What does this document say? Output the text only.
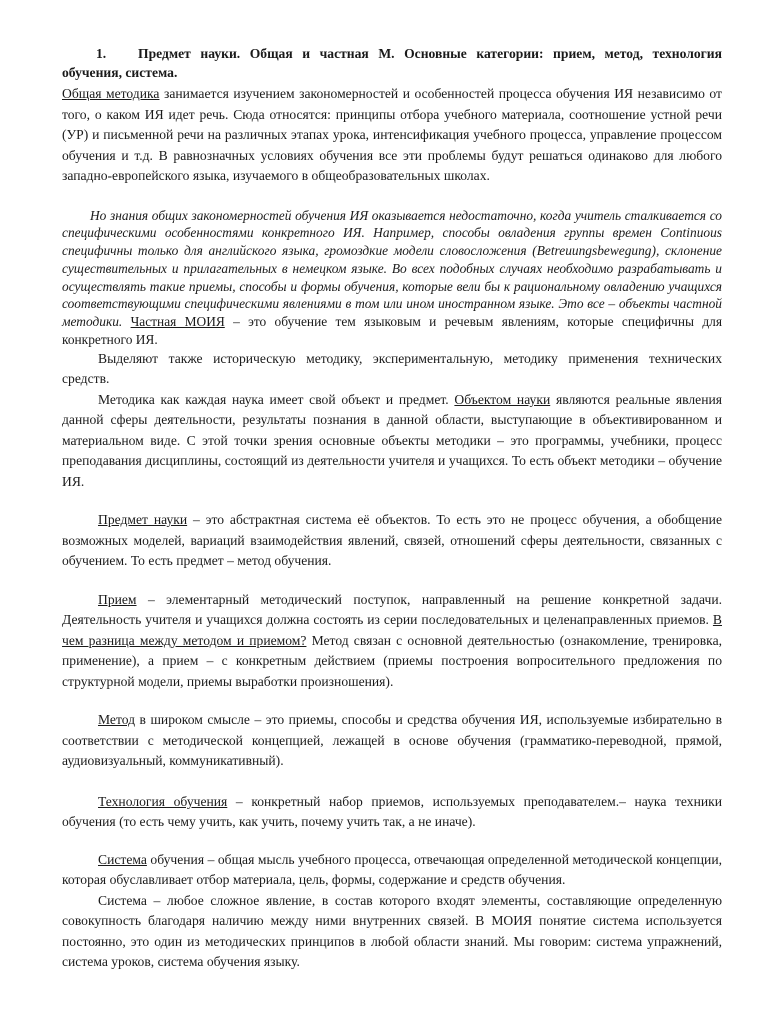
1. Предмет науки. Общая и частная М. Основные категории: прием, метод, технология обучения, система.

Общая методика занимается изучением закономерностей и особенностей процесса обучения ИЯ независимо от того, о каком ИЯ идет речь. Сюда относятся: принципы отбора учебного материала, соотношение устной речи (УР) и письменной речи на различных этапах урока, интенсификация учебного процесса, управление процессом обучения и т.д. В равнозначных условиях обучения все эти проблемы будут решаться одинаково для любого западно-европейского языка, изучаемого в общеобразовательных школах.

Но знания общих закономерностей обучения ИЯ оказывается недостаточно, когда учитель сталкивается со специфическими особенностями конкретного ИЯ. Например, способы овладения группы времен Continuous специфичны только для английского языка, громоздкие модели словосложения (Betreuungsbewegung), склонение существительных и прилагательных в немецком языке. Во всех подобных случаях необходимо разрабатывать и осуществлять такие приемы, способы и формы обучения, которые вели бы к рациональному овладению учащихся соответствующими специфическими явлениями в том или ином иностранном языке. Это все – объекты частной методики. Частная МОИЯ – это обучение тем языковым и речевым явлениям, которые специфичны для конкретного ИЯ.

Выделяют также историческую методику, экспериментальную, методику применения технических средств.

Методика как каждая наука имеет свой объект и предмет. Объектом науки являются реальные явления данной сферы деятельности, результаты познания в данной области, выступающие в объективированном и материальном виде. С этой точки зрения основные объекты методики – это программы, учебники, процесс преподавания дисциплины, состоящий из деятельности учителя и учащихся. То есть объект методики – обучение ИЯ.

Предмет науки – это абстрактная система её объектов. То есть это не процесс обучения, а обобщение возможных моделей, вариаций взаимодействия явлений, связей, отношений сферы деятельности, связанных с обучением. То есть предмет – метод обучения.

Прием – элементарный методический поступок, направленный на решение конкретной задачи. Деятельность учителя и учащихся должна состоять из серии последовательных и целенаправленных приемов. В чем разница между методом и приемом? Метод связан с основной деятельностью (ознакомление, тренировка, применение), а прием – с конкретным действием (приемы построения вопросительного предложения по структурной модели, приемы выработки произношения).

Метод в широком смысле – это приемы, способы и средства обучения ИЯ, используемые избирательно в соответствии с методической концепцией, лежащей в основе обучения (грамматико-переводной, прямой, аудиовизуальный, коммуникативный).

Технология обучения – конкретный набор приемов, используемых преподавателем.– наука техники обучения (то есть чему учить, как учить, почему учить так, а не иначе).

Система обучения – общая мысль учебного процесса, отвечающая определенной методической концепции, которая обуславливает отбор материала, цель, формы, содержание и средств обучения.

Система – любое сложное явление, в состав которого входят элементы, составляющие определенную совокупность благодаря наличию между ними внутренних связей. В МОИЯ понятие система используется постоянно, это один из методических принципов в любой области знаний. Мы говорим: система упражнений, система уроков, система обучения языку.
